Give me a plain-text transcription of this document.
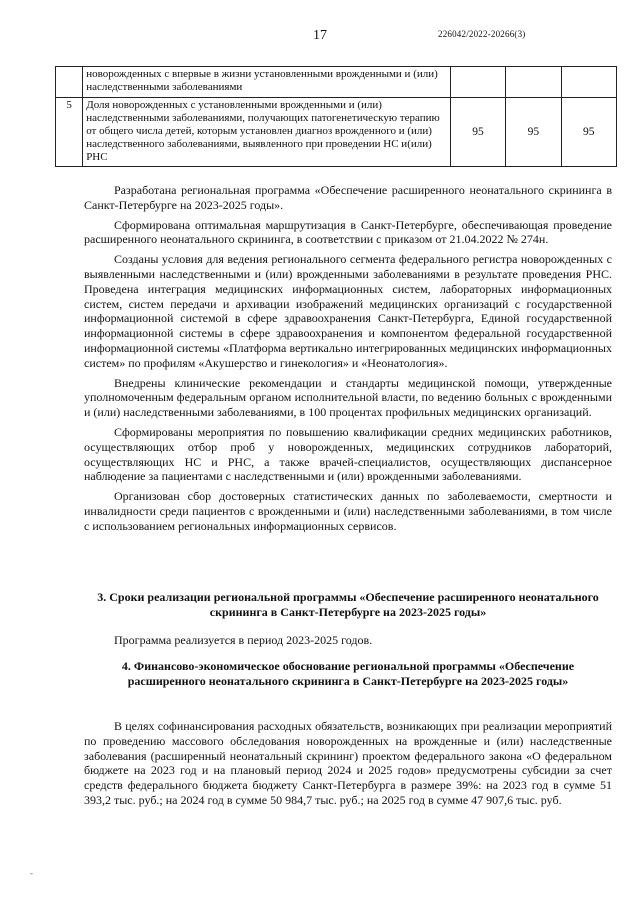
17	226042/2022-20266(3)
	новорожденных с впервые в жизни установленными врожденными и (или) наследственными заболеваниями			
5	Доля новорожденных с установленными врожденными и (или) наследственными заболеваниями, получающих патогенетическую терапию от общего числа детей, которым установлен диагноз врожденного и (или) наследственного заболеваниями, выявленного при проведении НС и(или) РНС	95	95	95

Разработана региональная программа «Обеспечение расширенного неонатального скрининга в Санкт-Петербурге на 2023-2025 годы».

Сформирована оптимальная маршрутизация в Санкт-Петербурге, обеспечивающая проведение расширенного неонатального скрининга, в соответствии с приказом от 21.04.2022 № 274н.

Созданы условия для ведения регионального сегмента федерального регистра новорожденных с выявленными наследственными и (или) врожденными заболеваниями в результате проведения РНС. Проведена интеграция медицинских информационных систем, лабораторных информационных систем, систем передачи и архивации изображений медицинских организаций с государственной информационной системой в сфере здравоохранения Санкт-Петербурга, Единой государственной информационной системы в сфере здравоохранения и компонентом федеральной государственной информационной системы «Платформа вертикально интегрированных медицинских информационных систем» по профилям «Акушерство и гинекология» и «Неонатология».

Внедрены клинические рекомендации и стандарты медицинской помощи, утвержденные уполномоченным федеральным органом исполнительной власти, по ведению больных с врожденными и (или) наследственными заболеваниями, в 100 процентах профильных медицинских организаций.

Сформированы мероприятия по повышению квалификации средних медицинских работников, осуществляющих отбор проб у новорожденных, медицинских сотрудников лабораторий, осуществляющих НС и РНС, а также врачей-специалистов, осуществляющих диспансерное наблюдение за пациентами с наследственными и (или) врожденными заболеваниями.

Организован сбор достоверных статистических данных по заболеваемости, смертности и инвалидности среди пациентов с врожденными и (или) наследственными заболеваниями, в том числе с использованием региональных информационных сервисов.

3. Сроки реализации региональной программы «Обеспечение расширенного неонатального скрининга в Санкт-Петербурге на 2023-2025 годы»
Программа реализуется в период 2023-2025 годов.
4. Финансово-экономическое обоснование региональной программы «Обеспечение расширенного неонатального скрининга в Санкт-Петербурге на 2023-2025 годы»

В целях софинансирования расходных обязательств, возникающих при реализации мероприятий по проведению массового обследования новорожденных на врожденные и (или) наследственные заболевания (расширенный неонатальный скрининг) проектом федерального закона «О федеральном бюджете на 2023 год и на плановый период 2024 и 2025 годов» предусмотрены субсидии за счет средств федерального бюджета бюджету Санкт-Петербурга в размере 39%: на 2023 год в сумме 51 393,2 тыс. руб.; на 2024 год в сумме 50 984,7 тыс. руб.; на 2025 год в сумме 47 907,6 тыс. руб.

-
